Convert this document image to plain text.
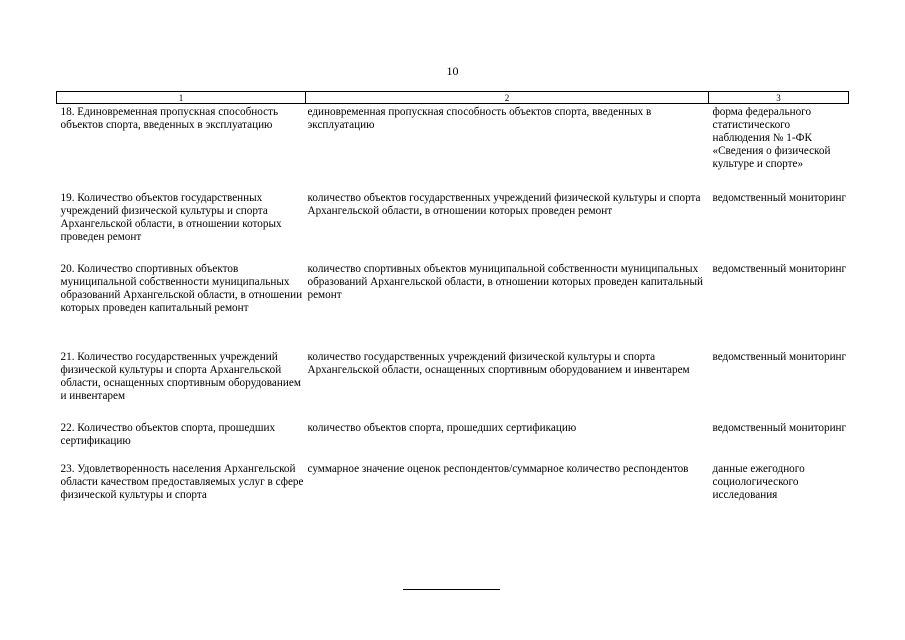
10
1	2	3
18. Единовременная пропускная способность объектов спорта, введенных в эксплуатацию	единовременная пропускная способность объектов спорта, введенных в эксплуатацию	форма федерального статистического наблюдения № 1-ФК «Сведения о физической культуре и спорте»
19. Количество объектов государственных учреждений физической культуры и спорта Архангельской области, в отношении которых проведен ремонт	количество объектов государственных учреждений физической культуры и спорта Архангельской области, в отношении которых проведен ремонт	ведомственный мониторинг
20. Количество спортивных объектов муниципальной собственности муниципальных образований Архангельской области, в отношении которых проведен капитальный ремонт	количество спортивных объектов муниципальной собственности муниципальных образований Архангельской области, в отношении которых проведен капитальный ремонт	ведомственный мониторинг
21. Количество государственных учреждений физической культуры и спорта Архангельской области, оснащенных спортивным оборудованием и инвентарем	количество государственных учреждений физической культуры и спорта Архангельской области, оснащенных спортивным оборудованием и инвентарем	ведомственный мониторинг
22. Количество объектов спорта, прошедших сертификацию	количество объектов спорта, прошедших сертификацию	ведомственный мониторинг
23. Удовлетворенность населения Архангельской области качеством предоставляемых услуг в сфере физической культуры и спорта	суммарное значение оценок респондентов/суммарное количество респондентов	данные ежегодного социологического исследования
